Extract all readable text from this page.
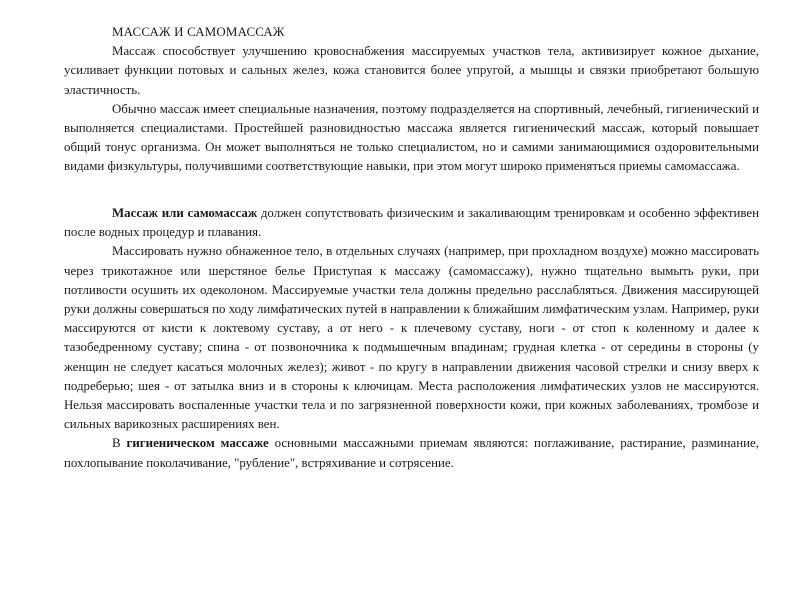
МАССАЖ И САМОМАССАЖ

Массаж способствует улучшению кровоснабжения массируемых участков тела, активизирует кожное дыхание, усиливает функции потовых и сальных желез, кожа становится более упругой, а мышцы и связки приобретают большую эластичность.

Обычно массаж имеет специальные назначения, поэтому подразделяется на спортивный, лечебный, гигиенический и выполняется специалистами. Простейшей разновидностью массажа является гигиенический массаж, который повышает общий тонус организма. Он может выполняться не только специалистом, но и самими занимающимися оздоровительными видами физкультуры, получившими соответствующие навыки, при этом могут широко применяться приемы самомассажа.

Массаж или самомассаж должен сопутствовать физическим и закаливающим тренировкам и особенно эффективен после водных процедур и плавания.

Массировать нужно обнаженное тело, в отдельных случаях (например, при прохладном воздухе) можно массировать через трикотажное или шерстяное белье Приступая к массажу (самомассажу), нужно тщательно вымыть руки, при потливости осушить их одеколоном. Массируемые участки тела должны предельно расслабляться. Движения массирующей руки должны совершаться по ходу лимфатических путей в направлении к ближайшим лимфатическим узлам. Например, руки массируются от кисти к локтевому суставу, а от него - к плечевому суставу, ноги - от стоп к коленному и далее к тазобедренному суставу; спина - от позвоночника к подмышечным впадинам; грудная клетка - от середины в стороны (у женщин не следует касаться молочных желез); живот - по кругу в направлении движения часовой стрелки и снизу вверх к подреберью; шея - от затылка вниз и в стороны к ключицам. Места расположения лимфатических узлов не массируются. Нельзя массировать воспаленные участки тела и по загрязненной поверхности кожи, при кожных заболеваниях, тромбозе и сильных варикозных расширениях вен.

В гигиеническом массаже основными массажными приемам являются: поглаживание, растирание, разминание, похлопывание поколачивание, "рубление", встряхивание и сотрясение.
